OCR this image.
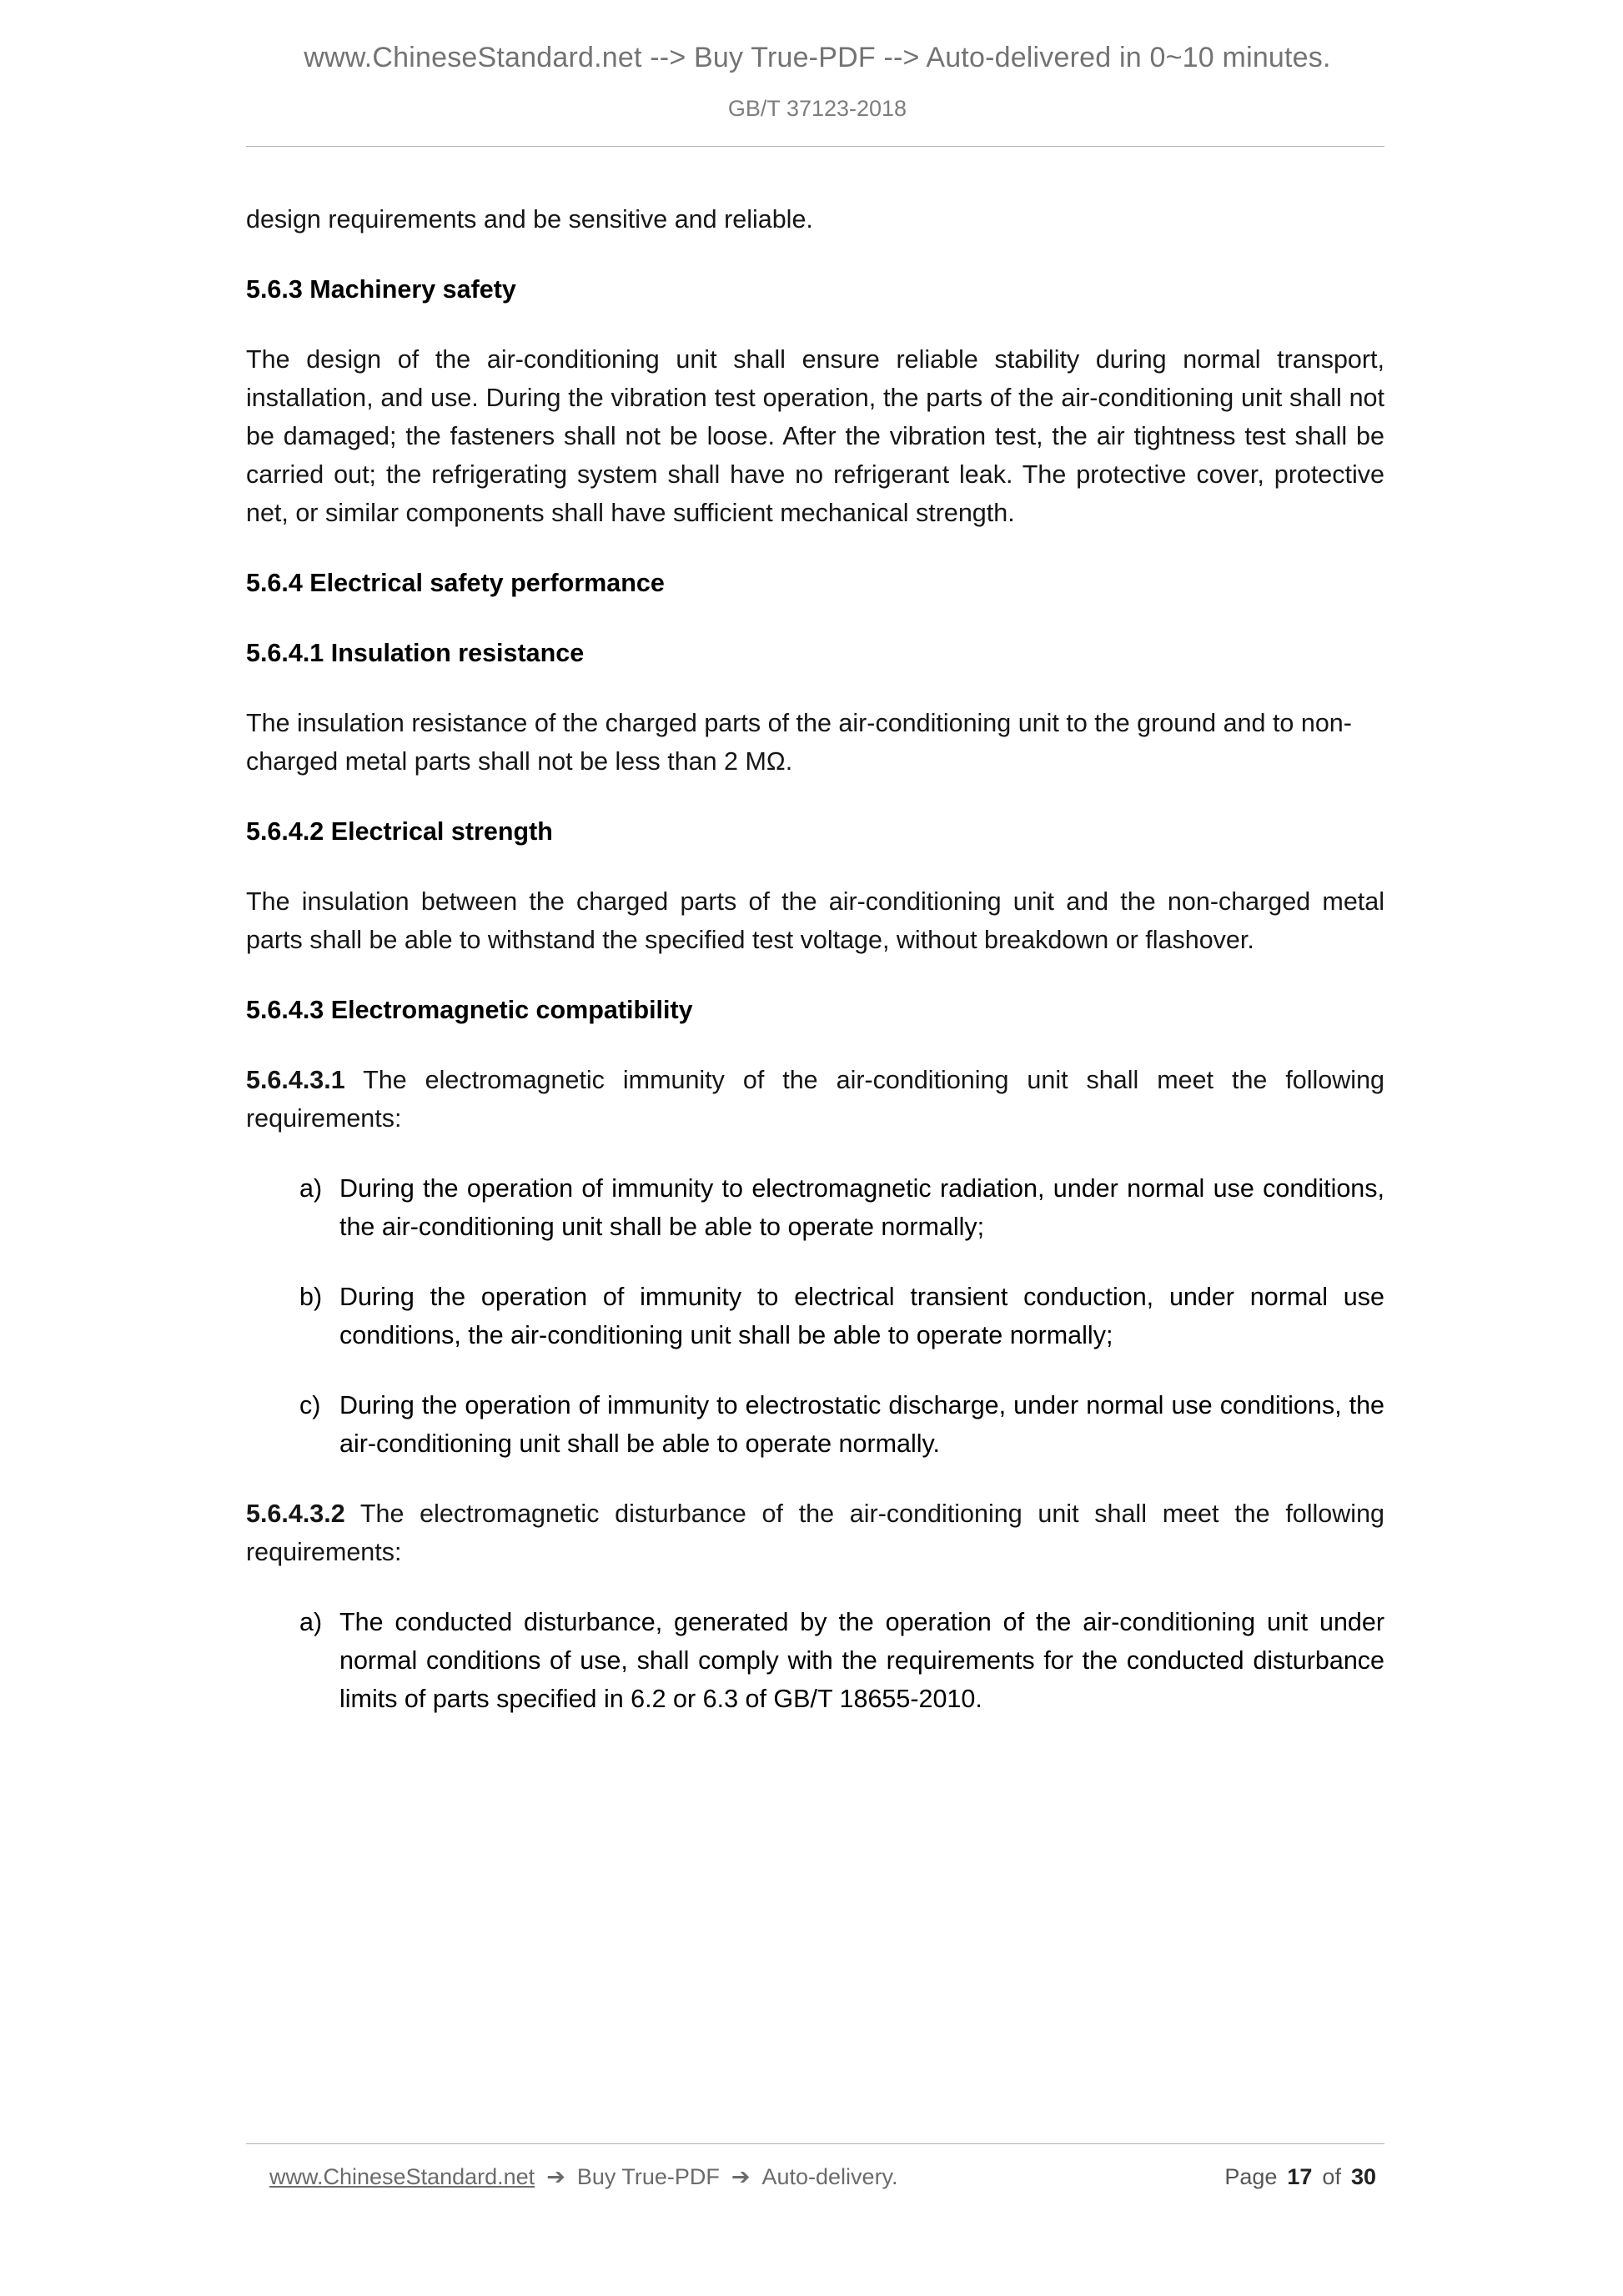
www.ChineseStandard.net --> Buy True-PDF --> Auto-delivered in 0~10 minutes.
GB/T 37123-2018

design requirements and be sensitive and reliable.

5.6.3 Machinery safety

The design of the air-conditioning unit shall ensure reliable stability during normal transport, installation, and use. During the vibration test operation, the parts of the air-conditioning unit shall not be damaged; the fasteners shall not be loose. After the vibration test, the air tightness test shall be carried out; the refrigerating system shall have no refrigerant leak. The protective cover, protective net, or similar components shall have sufficient mechanical strength.

5.6.4 Electrical safety performance
5.6.4.1 Insulation resistance

The insulation resistance of the charged parts of the air-conditioning unit to the ground and to non-charged metal parts shall not be less than 2 MΩ.

5.6.4.2 Electrical strength

The insulation between the charged parts of the air-conditioning unit and the non-charged metal parts shall be able to withstand the specified test voltage, without breakdown or flashover.

5.6.4.3 Electromagnetic compatibility

5.6.4.3.1 The electromagnetic immunity of the air-conditioning unit shall meet the following requirements:

a) During the operation of immunity to electromagnetic radiation, under normal use conditions, the air-conditioning unit shall be able to operate normally;
b) During the operation of immunity to electrical transient conduction, under normal use conditions, the air-conditioning unit shall be able to operate normally;
c) During the operation of immunity to electrostatic discharge, under normal use conditions, the air-conditioning unit shall be able to operate normally.

5.6.4.3.2 The electromagnetic disturbance of the air-conditioning unit shall meet the following requirements:

a) The conducted disturbance, generated by the operation of the air-conditioning unit under normal conditions of use, shall comply with the requirements for the conducted disturbance limits of parts specified in 6.2 or 6.3 of GB/T 18655-2010.
www.ChineseStandard.net ➔ Buy True-PDF ➔ Auto-delivery.	Page 17 of 30
